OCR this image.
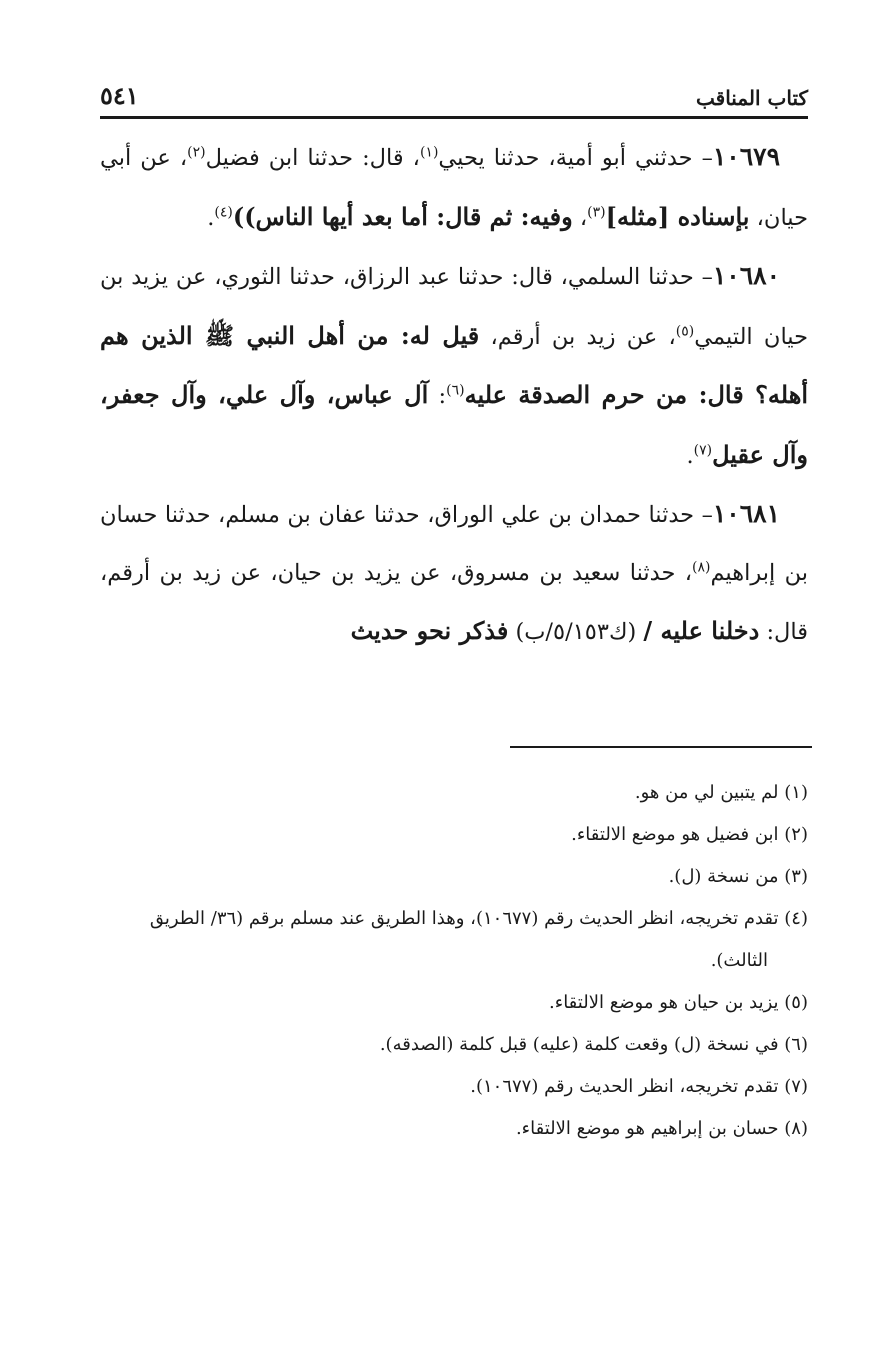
كتاب المناقب
٥٤١

١٠٦٧٩– حدثني أبو أمية، حدثنا يحيي$^{(١)}$، قال: حدثنا ابن فضيل$^{(٢)}$، عن أبي حيان، بإسناده [مثله]$^{(٣)}$، وفيه: ثم قال: أما بعد أيها الناس))$^{(٤)}$.

١٠٦٨٠– حدثنا السلمي، قال: حدثنا عبد الرزاق، حدثنا الثوري، عن يزيد بن حيان التيمي$^{(٥)}$، عن زيد بن أرقم، قيل له: من أهل النبي ﷺ الذين هم أهله؟ قال: من حرم الصدقة عليه$^{(٦)}$: آل عباس، وآل علي، وآل جعفر، وآل عقيل$^{(٧)}$.

١٠٦٨١– حدثنا حمدان بن علي الوراق، حدثنا عفان بن مسلم، حدثنا حسان بن إبراهيم$^{(٨)}$، حدثنا سعيد بن مسروق، عن يزيد بن حيان، عن زيد بن أرقم، قال: دخلنا عليه / (ك٥/١٥٣/ب) فذكر نحو حديث

(١) لم يتبين لي من هو.

(٢) ابن فضيل هو موضع الالتقاء.

(٣) من نسخة (ل).

(٤) تقدم تخريجه، انظر الحديث رقم (١٠٦٧٧)، وهذا الطريق عند مسلم برقم (٣٦/ الطريق الثالث).

(٥) يزيد بن حيان هو موضع الالتقاء.

(٦) في نسخة (ل) وقعت كلمة (عليه) قبل كلمة (الصدقه).

(٧) تقدم تخريجه، انظر الحديث رقم (١٠٦٧٧).

(٨) حسان بن إبراهيم هو موضع الالتقاء.
